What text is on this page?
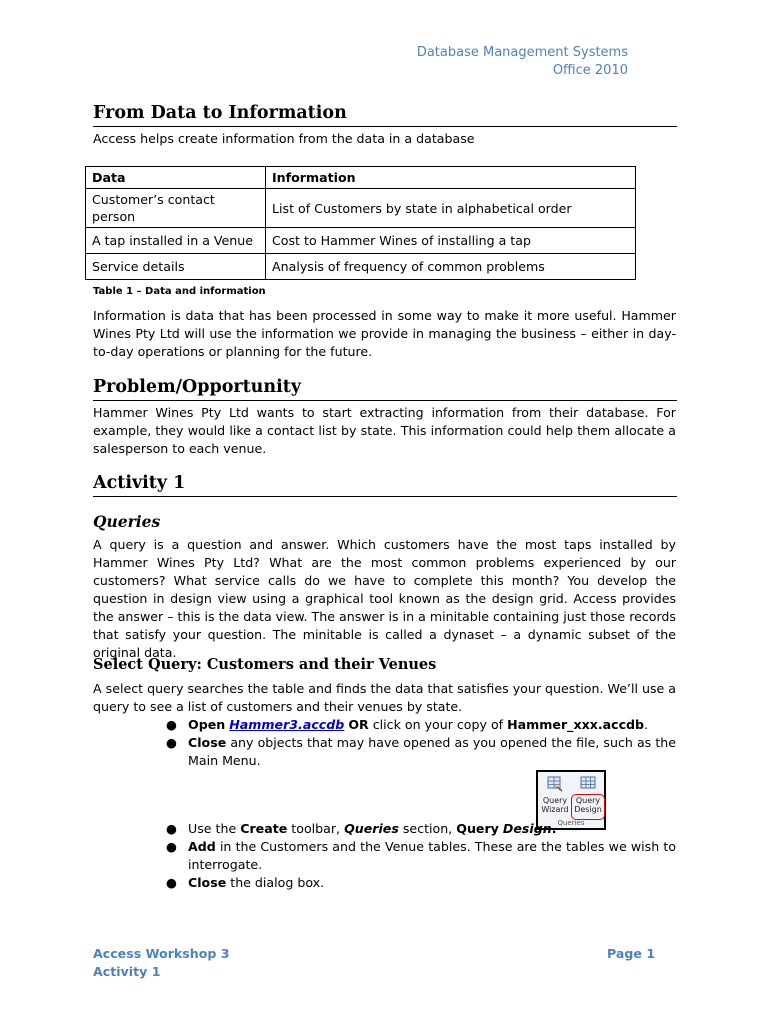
Database Management Systems
Office 2010
From Data to Information
Access helps create information from the data in a database
Data	Information
Customer’s contact person	List of Customers by state in alphabetical order
A tap installed in a Venue	Cost to Hammer Wines of installing a tap
Service details	Analysis of frequency of common problems
Table 1 – Data and information
Information is data that has been processed in some way to make it more useful. Hammer Wines Pty Ltd will use the information we provide in managing the business – either in day-to-day operations or planning for the future.
Problem/Opportunity
Hammer Wines Pty Ltd wants to start extracting information from their database. For example, they would like a contact list by state. This information could help them allocate a salesperson to each venue.
Activity 1
Queries
A query is a question and answer. Which customers have the most taps installed by Hammer Wines Pty Ltd? What are the most common problems experienced by our customers? What service calls do we have to complete this month? You develop the question in design view using a graphical tool known as the design grid. Access provides the answer – this is the data view. The answer is in a minitable containing just those records that satisfy your question. The minitable is called a dynaset – a dynamic subset of the original data.
Select Query: Customers and their Venues
A select query searches the table and finds the data that satisfies your question. We’ll use a query to see a list of customers and their venues by state.
● Open Hammer3.accdb OR click on your copy of Hammer_xxx.accdb.
● Close any objects that may have opened as you opened the file, such as the Main Menu.
Query Wizard
Query Design
Queries
● Use the Create toolbar, Queries section, Query Design.
● Add in the Customers and the Venue tables. These are the tables we wish to interrogate.
● Close the dialog box.
Access Workshop 3
Activity 1
Page 1
